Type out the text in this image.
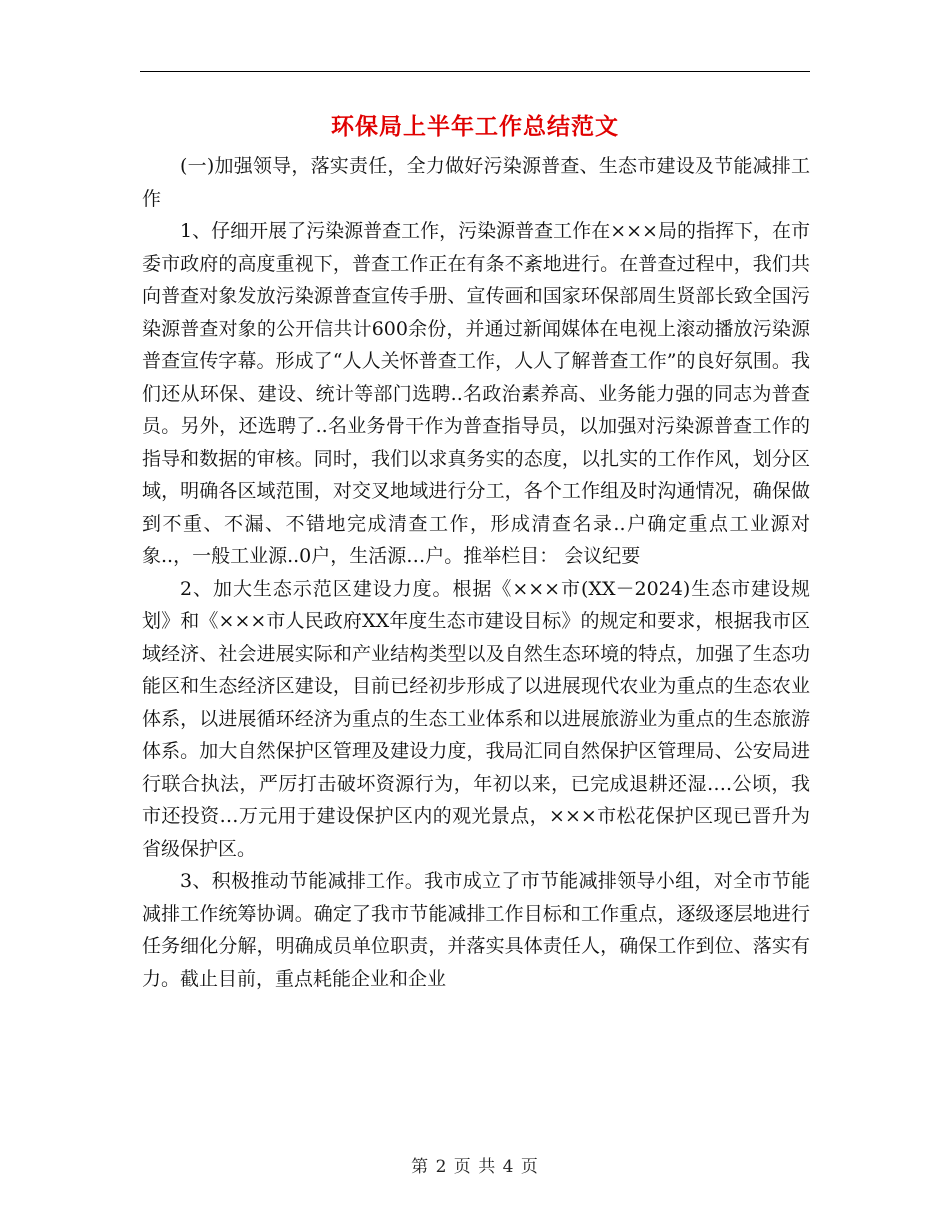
环保局上半年工作总结范文

(一)加强领导，落实责任，全力做好污染源普查、生态市建设及节能减排工作

1、仔细开展了污染源普查工作，污染源普查工作在×××局的指挥下，在市委市政府的高度重视下，普查工作正在有条不紊地进行。在普查过程中，我们共向普查对象发放污染源普查宣传手册、宣传画和国家环保部周生贤部长致全国污染源普查对象的公开信共计600余份，并通过新闻媒体在电视上滚动播放污染源普查宣传字幕。形成了“人人关怀普查工作，人人了解普查工作”的良好氛围。我们还从环保、建设、统计等部门选聘..名政治素养高、业务能力强的同志为普查员。另外，还选聘了..名业务骨干作为普查指导员，以加强对污染源普查工作的指导和数据的审核。同时，我们以求真务实的态度，以扎实的工作作风，划分区域，明确各区域范围，对交叉地域进行分工，各个工作组及时沟通情况，确保做到不重、不漏、不错地完成清查工作，形成清查名录..户确定重点工业源对象..，一般工业源..0户，生活源…户。推举栏目： 会议纪要

2、加大生态示范区建设力度。根据《×××市(XX－2024)生态市建设规划》和《×××市人民政府XX年度生态市建设目标》的规定和要求，根据我市区域经济、社会进展实际和产业结构类型以及自然生态环境的特点，加强了生态功能区和生态经济区建设，目前已经初步形成了以进展现代农业为重点的生态农业体系，以进展循环经济为重点的生态工业体系和以进展旅游业为重点的生态旅游体系。加大自然保护区管理及建设力度，我局汇同自然保护区管理局、公安局进行联合执法，严厉打击破坏资源行为，年初以来，已完成退耕还湿….公顷，我市还投资…万元用于建设保护区内的观光景点，×××市松花保护区现已晋升为省级保护区。

3、积极推动节能减排工作。我市成立了市节能减排领导小组，对全市节能减排工作统筹协调。确定了我市节能减排工作目标和工作重点，逐级逐层地进行任务细化分解，明确成员单位职责，并落实具体责任人，确保工作到位、落实有力。截止目前，重点耗能企业和企业

第 2 页 共 4 页
